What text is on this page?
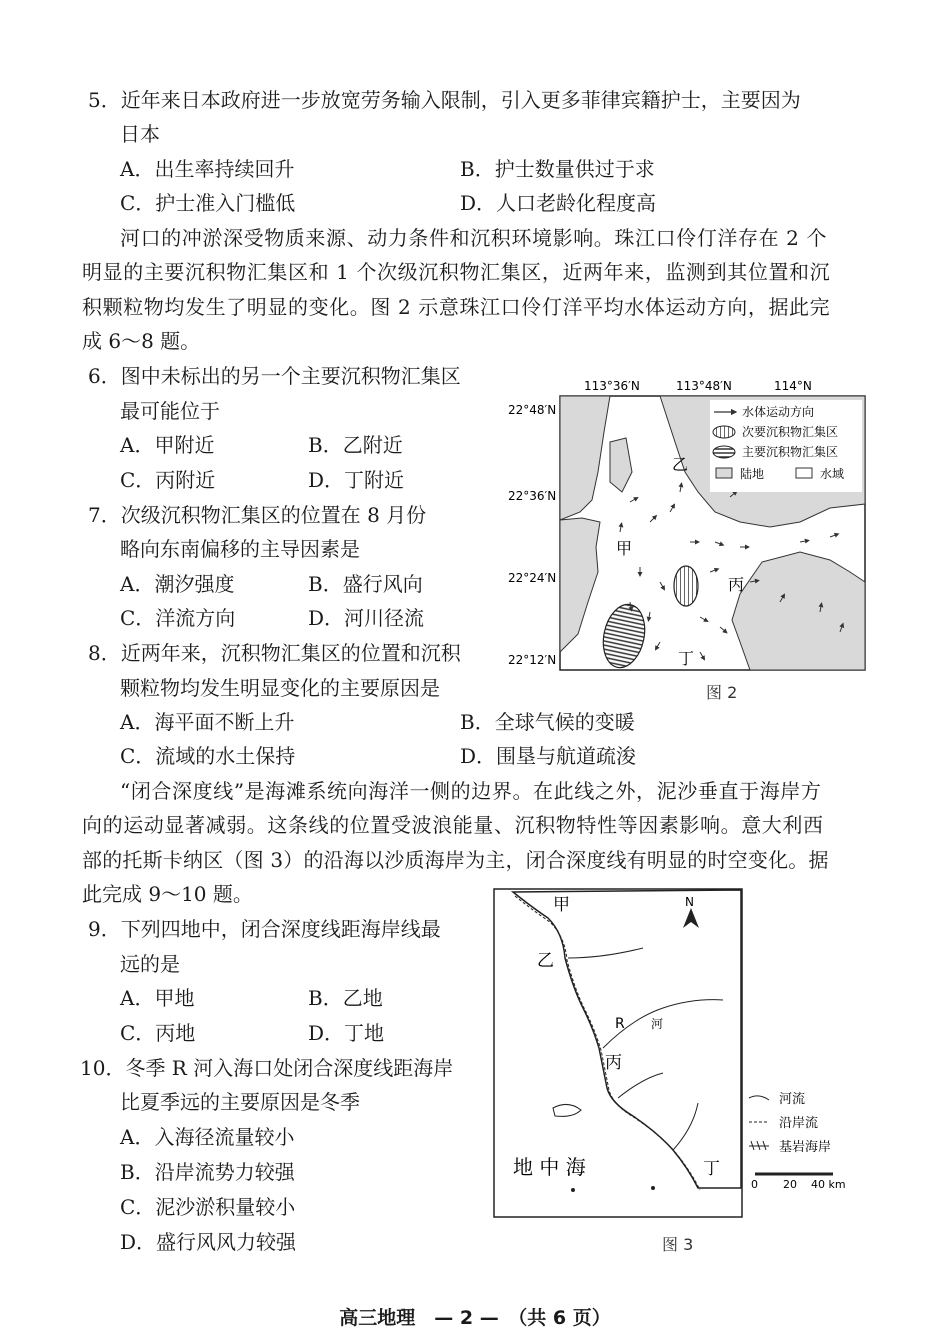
5．近年来日本政府进一步放宽劳务输入限制，引入更多菲律宾籍护士，主要因为
日本
A．出生率持续回升	B．护士数量供过于求
C．护士准入门槛低	D．人口老龄化程度高
河口的冲淤深受物质来源、动力条件和沉积环境影响。珠江口伶仃洋存在 2 个
明显的主要沉积物汇集区和 1 个次级沉积物汇集区，近两年来，监测到其位置和沉
积颗粒物均发生了明显的变化。图 2 示意珠江口伶仃洋平均水体运动方向，据此完
成 6～8 题。
6．图中未标出的另一个主要沉积物汇集区
最可能位于
A．甲附近	B．乙附近
C．丙附近	D．丁附近
7．次级沉积物汇集区的位置在 8 月份
略向东南偏移的主导因素是
A．潮汐强度	B．盛行风向
C．洋流方向	D．河川径流
8．近两年来，沉积物汇集区的位置和沉积
颗粒物均发生明显变化的主要原因是
A．海平面不断上升	B．全球气候的变暖
C．流域的水土保持	D．围垦与航道疏浚
“闭合深度线”是海滩系统向海洋一侧的边界。在此线之外，泥沙垂直于海岸方
向的运动显著减弱。这条线的位置受波浪能量、沉积物特性等因素影响。意大利西
部的托斯卡纳区（图 3）的沿海以沙质海岸为主，闭合深度线有明显的时空变化。据
此完成 9～10 题。
9．下列四地中，闭合深度线距海岸线最
远的是
A．甲地	B．乙地
C．丙地	D．丁地
10．冬季 R 河入海口处闭合深度线距海岸
比夏季远的主要原因是冬季
A．入海径流量较小
B．沿岸流势力较强
C．泥沙淤积量较小
D．盛行风风力较强
113°36′N	113°48′N	114°N
22°48′N
22°36′N
22°24′N
22°12′N
乙
甲
丙
丁
水体运动方向
次要沉积物汇集区
主要沉积物汇集区
陆地	水域
图 2
甲
乙
丙
丁
R 河
地 中 海
N
河流
沿岸流
基岩海岸
0 20 40 km
图 3
高三地理　— 2 —　（共 6 页）
